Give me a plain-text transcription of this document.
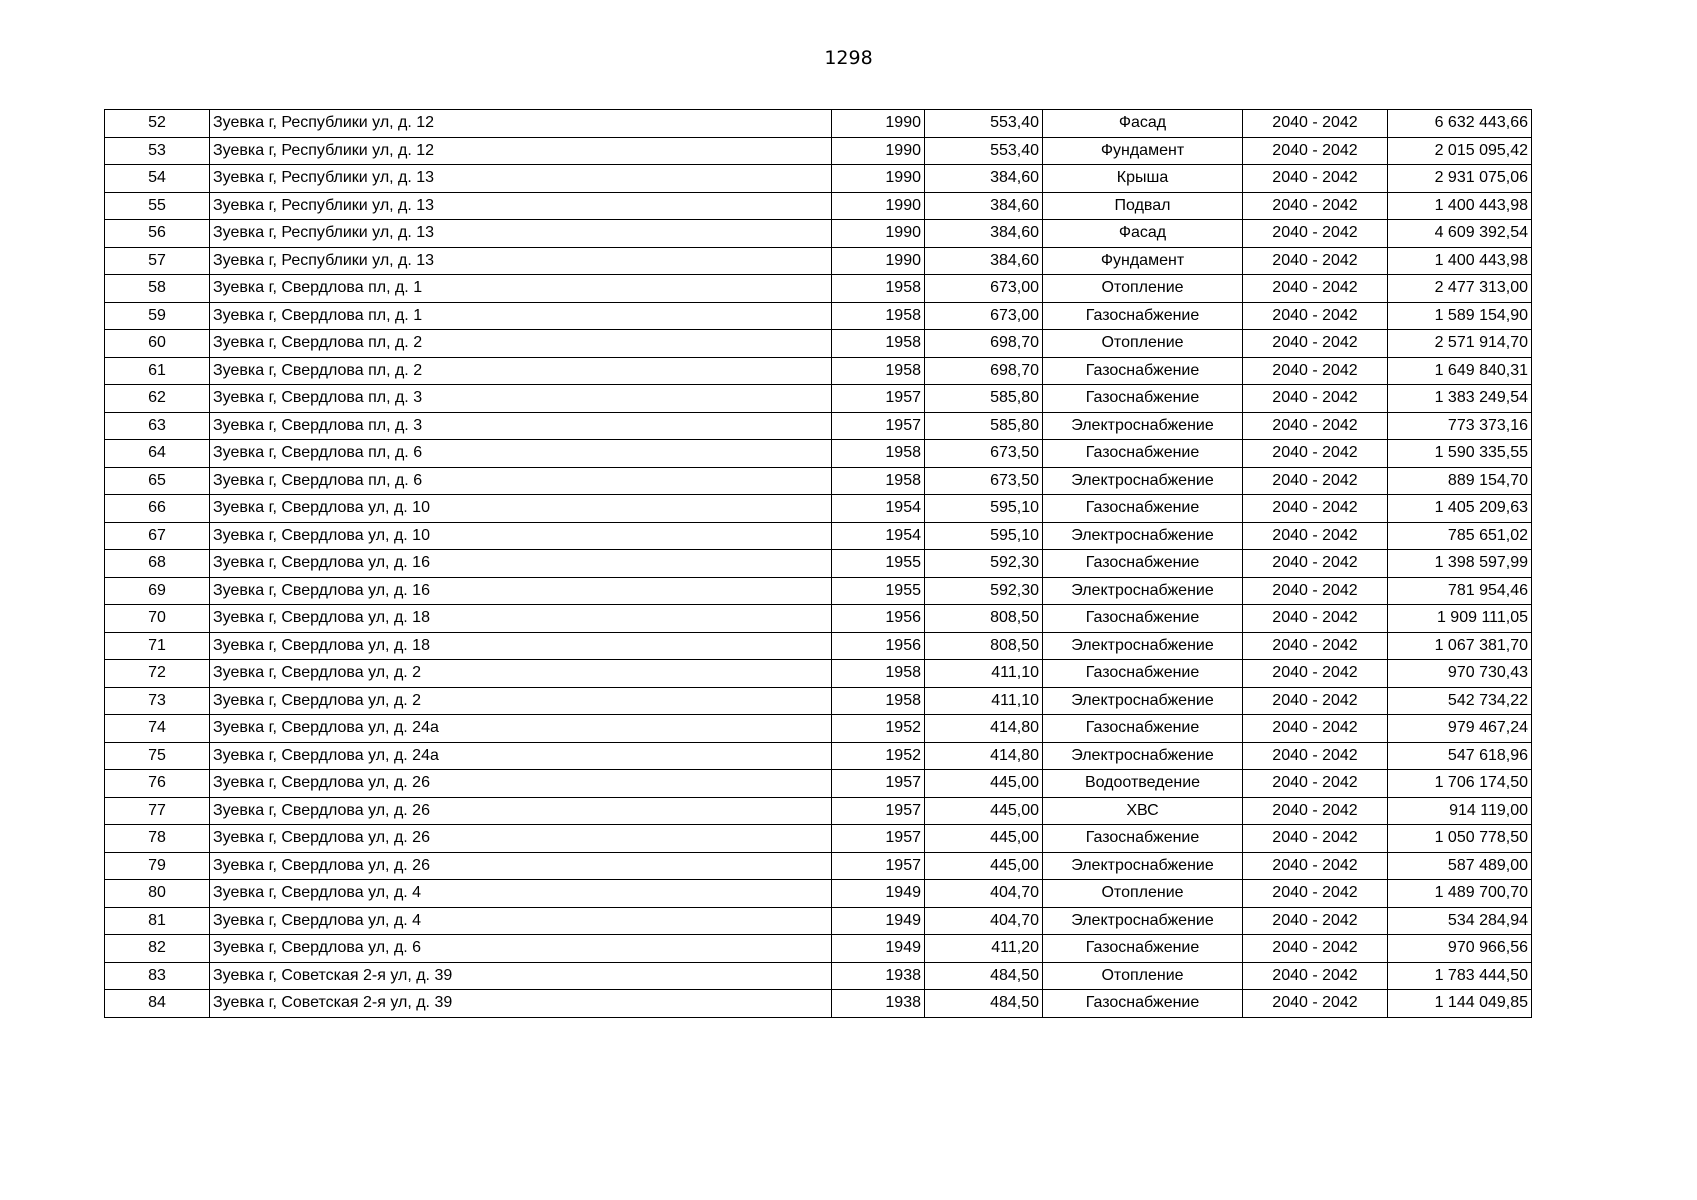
1298
52	Зуевка г, Республики ул, д. 12	1990	553,40	Фасад	2040 - 2042	6 632 443,66
53	Зуевка г, Республики ул, д. 12	1990	553,40	Фундамент	2040 - 2042	2 015 095,42
54	Зуевка г, Республики ул, д. 13	1990	384,60	Крыша	2040 - 2042	2 931 075,06
55	Зуевка г, Республики ул, д. 13	1990	384,60	Подвал	2040 - 2042	1 400 443,98
56	Зуевка г, Республики ул, д. 13	1990	384,60	Фасад	2040 - 2042	4 609 392,54
57	Зуевка г, Республики ул, д. 13	1990	384,60	Фундамент	2040 - 2042	1 400 443,98
58	Зуевка г, Свердлова пл, д. 1	1958	673,00	Отопление	2040 - 2042	2 477 313,00
59	Зуевка г, Свердлова пл, д. 1	1958	673,00	Газоснабжение	2040 - 2042	1 589 154,90
60	Зуевка г, Свердлова пл, д. 2	1958	698,70	Отопление	2040 - 2042	2 571 914,70
61	Зуевка г, Свердлова пл, д. 2	1958	698,70	Газоснабжение	2040 - 2042	1 649 840,31
62	Зуевка г, Свердлова пл, д. 3	1957	585,80	Газоснабжение	2040 - 2042	1 383 249,54
63	Зуевка г, Свердлова пл, д. 3	1957	585,80	Электроснабжение	2040 - 2042	773 373,16
64	Зуевка г, Свердлова пл, д. 6	1958	673,50	Газоснабжение	2040 - 2042	1 590 335,55
65	Зуевка г, Свердлова пл, д. 6	1958	673,50	Электроснабжение	2040 - 2042	889 154,70
66	Зуевка г, Свердлова ул, д. 10	1954	595,10	Газоснабжение	2040 - 2042	1 405 209,63
67	Зуевка г, Свердлова ул, д. 10	1954	595,10	Электроснабжение	2040 - 2042	785 651,02
68	Зуевка г, Свердлова ул, д. 16	1955	592,30	Газоснабжение	2040 - 2042	1 398 597,99
69	Зуевка г, Свердлова ул, д. 16	1955	592,30	Электроснабжение	2040 - 2042	781 954,46
70	Зуевка г, Свердлова ул, д. 18	1956	808,50	Газоснабжение	2040 - 2042	1 909 111,05
71	Зуевка г, Свердлова ул, д. 18	1956	808,50	Электроснабжение	2040 - 2042	1 067 381,70
72	Зуевка г, Свердлова ул, д. 2	1958	411,10	Газоснабжение	2040 - 2042	970 730,43
73	Зуевка г, Свердлова ул, д. 2	1958	411,10	Электроснабжение	2040 - 2042	542 734,22
74	Зуевка г, Свердлова ул, д. 24а	1952	414,80	Газоснабжение	2040 - 2042	979 467,24
75	Зуевка г, Свердлова ул, д. 24а	1952	414,80	Электроснабжение	2040 - 2042	547 618,96
76	Зуевка г, Свердлова ул, д. 26	1957	445,00	Водоотведение	2040 - 2042	1 706 174,50
77	Зуевка г, Свердлова ул, д. 26	1957	445,00	ХВС	2040 - 2042	914 119,00
78	Зуевка г, Свердлова ул, д. 26	1957	445,00	Газоснабжение	2040 - 2042	1 050 778,50
79	Зуевка г, Свердлова ул, д. 26	1957	445,00	Электроснабжение	2040 - 2042	587 489,00
80	Зуевка г, Свердлова ул, д. 4	1949	404,70	Отопление	2040 - 2042	1 489 700,70
81	Зуевка г, Свердлова ул, д. 4	1949	404,70	Электроснабжение	2040 - 2042	534 284,94
82	Зуевка г, Свердлова ул, д. 6	1949	411,20	Газоснабжение	2040 - 2042	970 966,56
83	Зуевка г, Советская 2-я ул, д. 39	1938	484,50	Отопление	2040 - 2042	1 783 444,50
84	Зуевка г, Советская 2-я ул, д. 39	1938	484,50	Газоснабжение	2040 - 2042	1 144 049,85
